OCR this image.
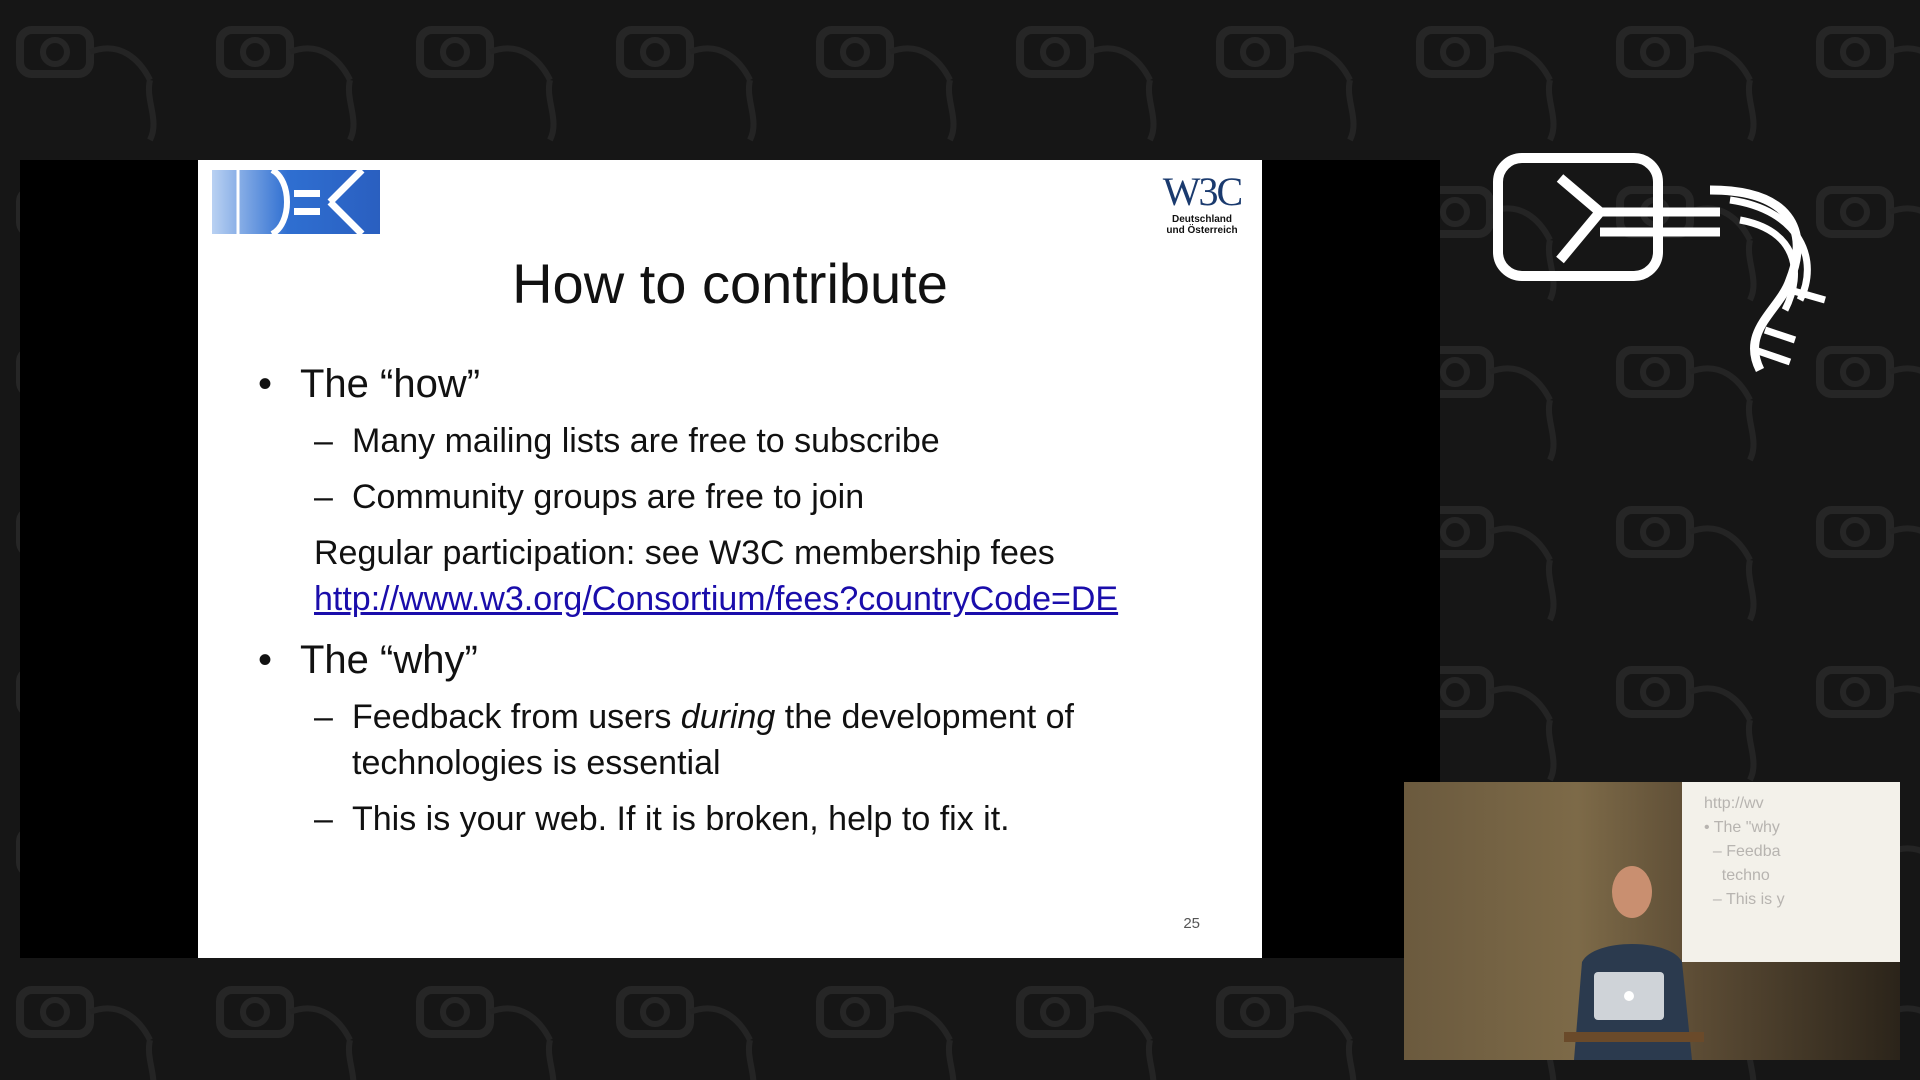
W3C
Deutschland
und Österreich
How to contribute
• The “how”
– Many mailing lists are free to subscribe
– Community groups are free to join

Regular participation: see W3C membership fees

http://www.w3.org/Consortium/fees?countryCode=DE

• The “why”
– Feedback from users during the development of technologies is essential
– This is your web. If it is broken, help to fix it.
25
http://wv
• The "why
– Feedba
techno
– This is y
